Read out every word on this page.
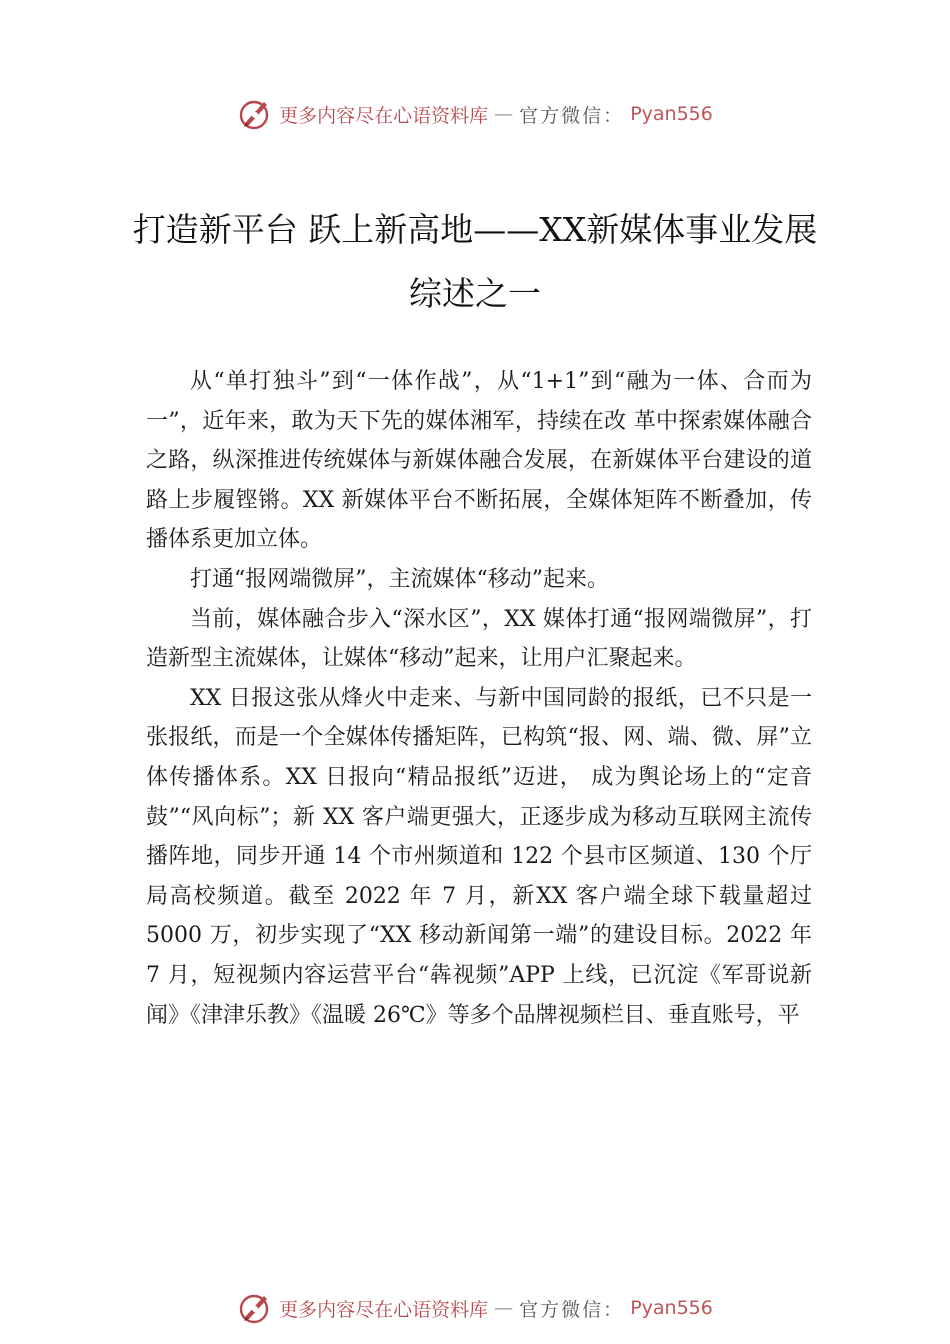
更多内容尽在心语资料库 — 官方微信： Pyan556
打造新平台 跃上新高地——XX新媒体事业发展综述之一

从“单打独斗”到“一体作战”，从“1+1”到“融为一体、合而为一”，近年来，敢为天下先的媒体湘军，持续在改 革中探索媒体融合之路，纵深推进传统媒体与新媒体融合发展，在新媒体平台建设的道路上步履铿锵。XX 新媒体平台不断拓展，全媒体矩阵不断叠加，传播体系更加立体。

打通“报网端微屏”，主流媒体“移动”起来。

当前，媒体融合步入“深水区”，XX 媒体打通“报网端微屏”，打造新型主流媒体，让媒体“移动”起来，让用户汇聚起来。

XX 日报这张从烽火中走来、与新中国同龄的报纸，已不只是一张报纸，而是一个全媒体传播矩阵，已构筑“报、网、端、微、屏”立体传播体系。XX 日报向“精品报纸”迈进， 成为舆论场上的“定音鼓”“风向标”；新 XX 客户端更强大，正逐步成为移动互联网主流传播阵地，同步开通 14 个市州频道和 122 个县市区频道、130 个厅局高校频道。截至 2022 年 7 月，新XX 客户端全球下载量超过 5000 万，初步实现了“XX 移动新闻第一端”的建设目标。2022 年 7 月，短视频内容运营平台“犇视频”APP 上线，已沉淀《军哥说新闻》《津津乐教》《温暖 26℃》等多个品牌视频栏目、垂直账号，平

更多内容尽在心语资料库 — 官方微信： Pyan556
